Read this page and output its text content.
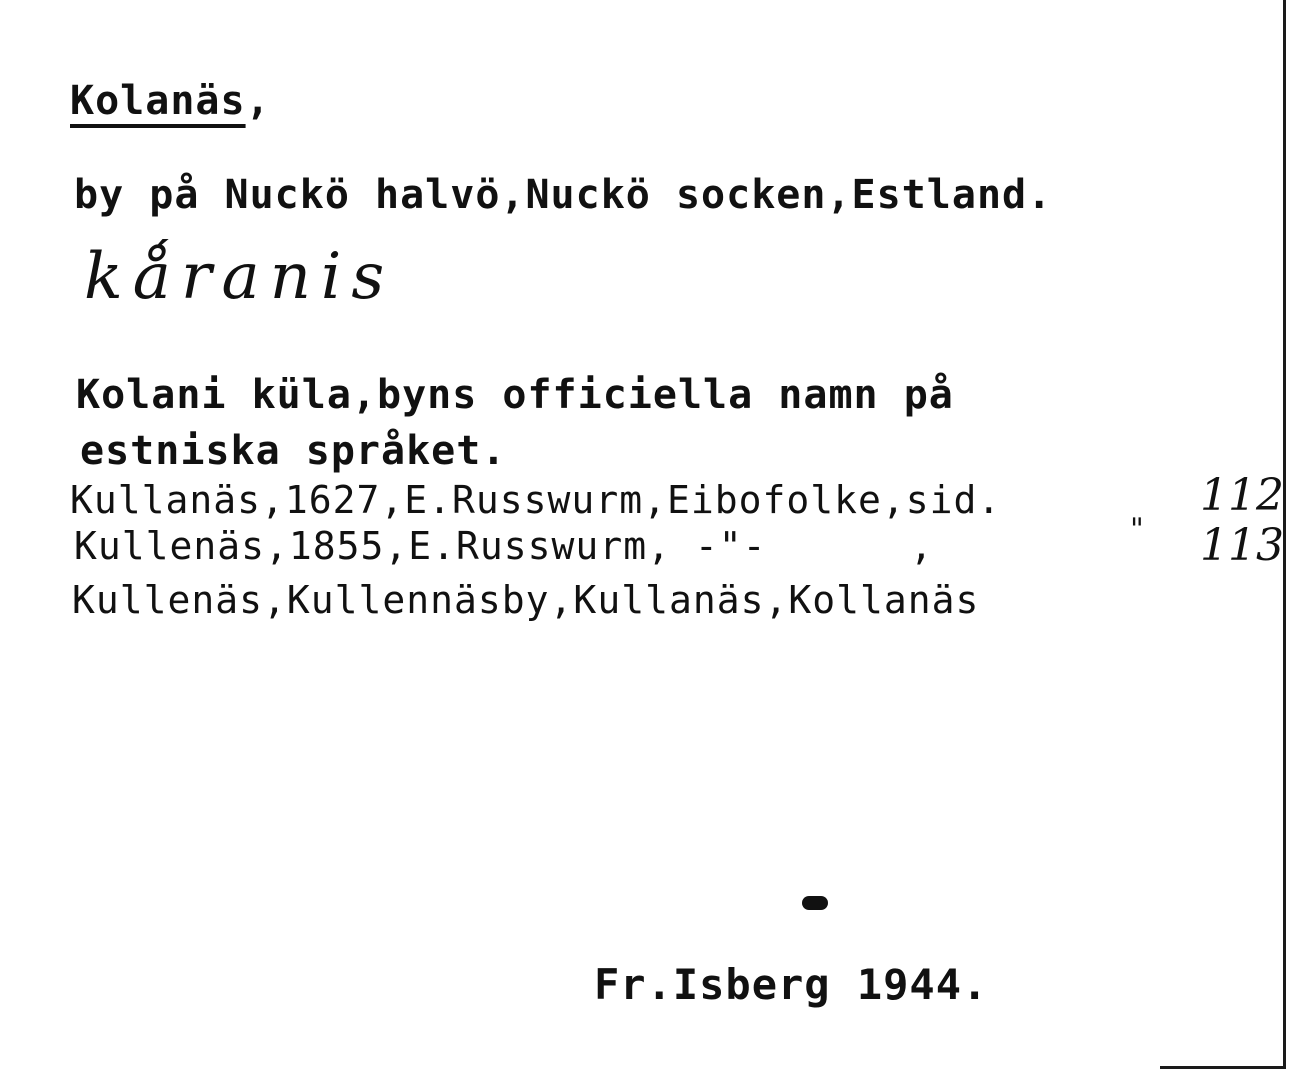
Kolanäs,
by på Nuckö halvö,Nuckö socken,Estland.
kǻranis
Kolani küla,byns officiella namn på
estniska språket.
Kullanäs,1627,E.Russwurm,Eibofolke,sid.	112
Kullenäs,1855,E.Russwurm, -"-      ,	" 113
Kullenäs,Kullennäsby,Kullanäs,Kollanäs
Fr.Isberg 1944.
